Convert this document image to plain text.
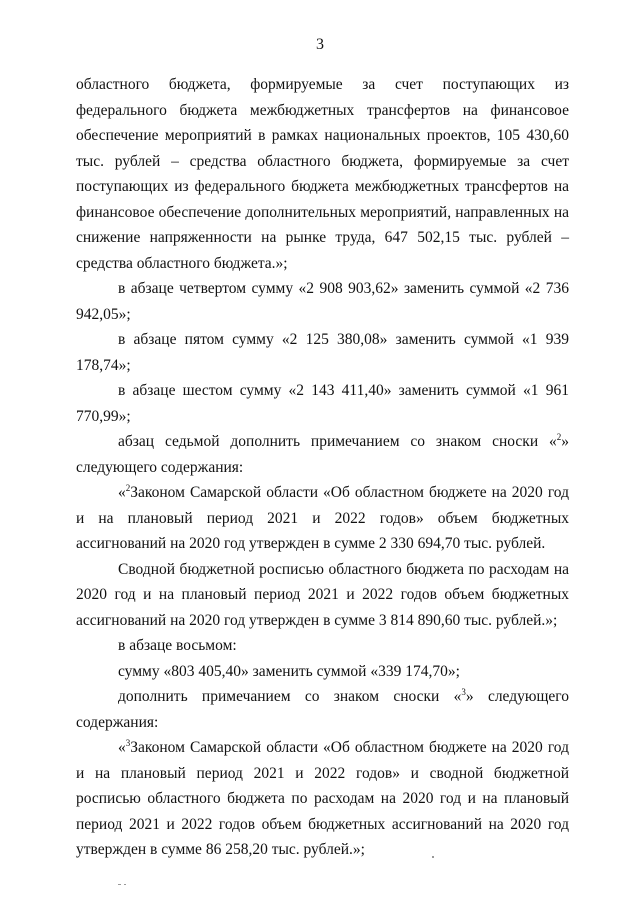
3

областного бюджета, формируемые за счет поступающих из федерального бюджета межбюджетных трансфертов на финансовое обеспечение мероприятий в рамках национальных проектов, 105 430,60 тыс. рублей – средства областного бюджета, формируемые за счет поступающих из федерального бюджета межбюджетных трансфертов на финансовое обеспечение дополнительных мероприятий, направленных на снижение напряженности на рынке труда, 647 502,15 тыс. рублей – средства областного бюджета.»;

в абзаце четвертом сумму «2 908 903,62» заменить суммой «2 736 942,05»;

в абзаце пятом сумму «2 125 380,08» заменить суммой «1 939 178,74»;

в абзаце шестом сумму «2 143 411,40» заменить суммой «1 961 770,99»;

абзац седьмой дополнить примечанием со знаком сноски «$^2$» следующего содержания:

«$^2$Законом Самарской области «Об областном бюджете на 2020 год и на плановый период 2021 и 2022 годов» объем бюджетных ассигнований на 2020 год утвержден в сумме 2 330 694,70 тыс. рублей.

Сводной бюджетной росписью областного бюджета по расходам на 2020 год и на плановый период 2021 и 2022 годов объем бюджетных ассигнований на 2020 год утвержден в сумме 3 814 890,60 тыс. рублей.»;

в абзаце восьмом:

сумму «803 405,40» заменить суммой «339 174,70»;

дополнить примечанием со знаком сноски «$^3$» следующего содержания:

«$^3$Законом Самарской области «Об областном бюджете на 2020 год и на плановый период 2021 и 2022 годов» и сводной бюджетной росписью областного бюджета по расходам на 2020 год и на плановый период 2021 и 2022 годов объем бюджетных ассигнований на 2020 год утвержден в сумме 86 258,20 тыс. рублей.»;
